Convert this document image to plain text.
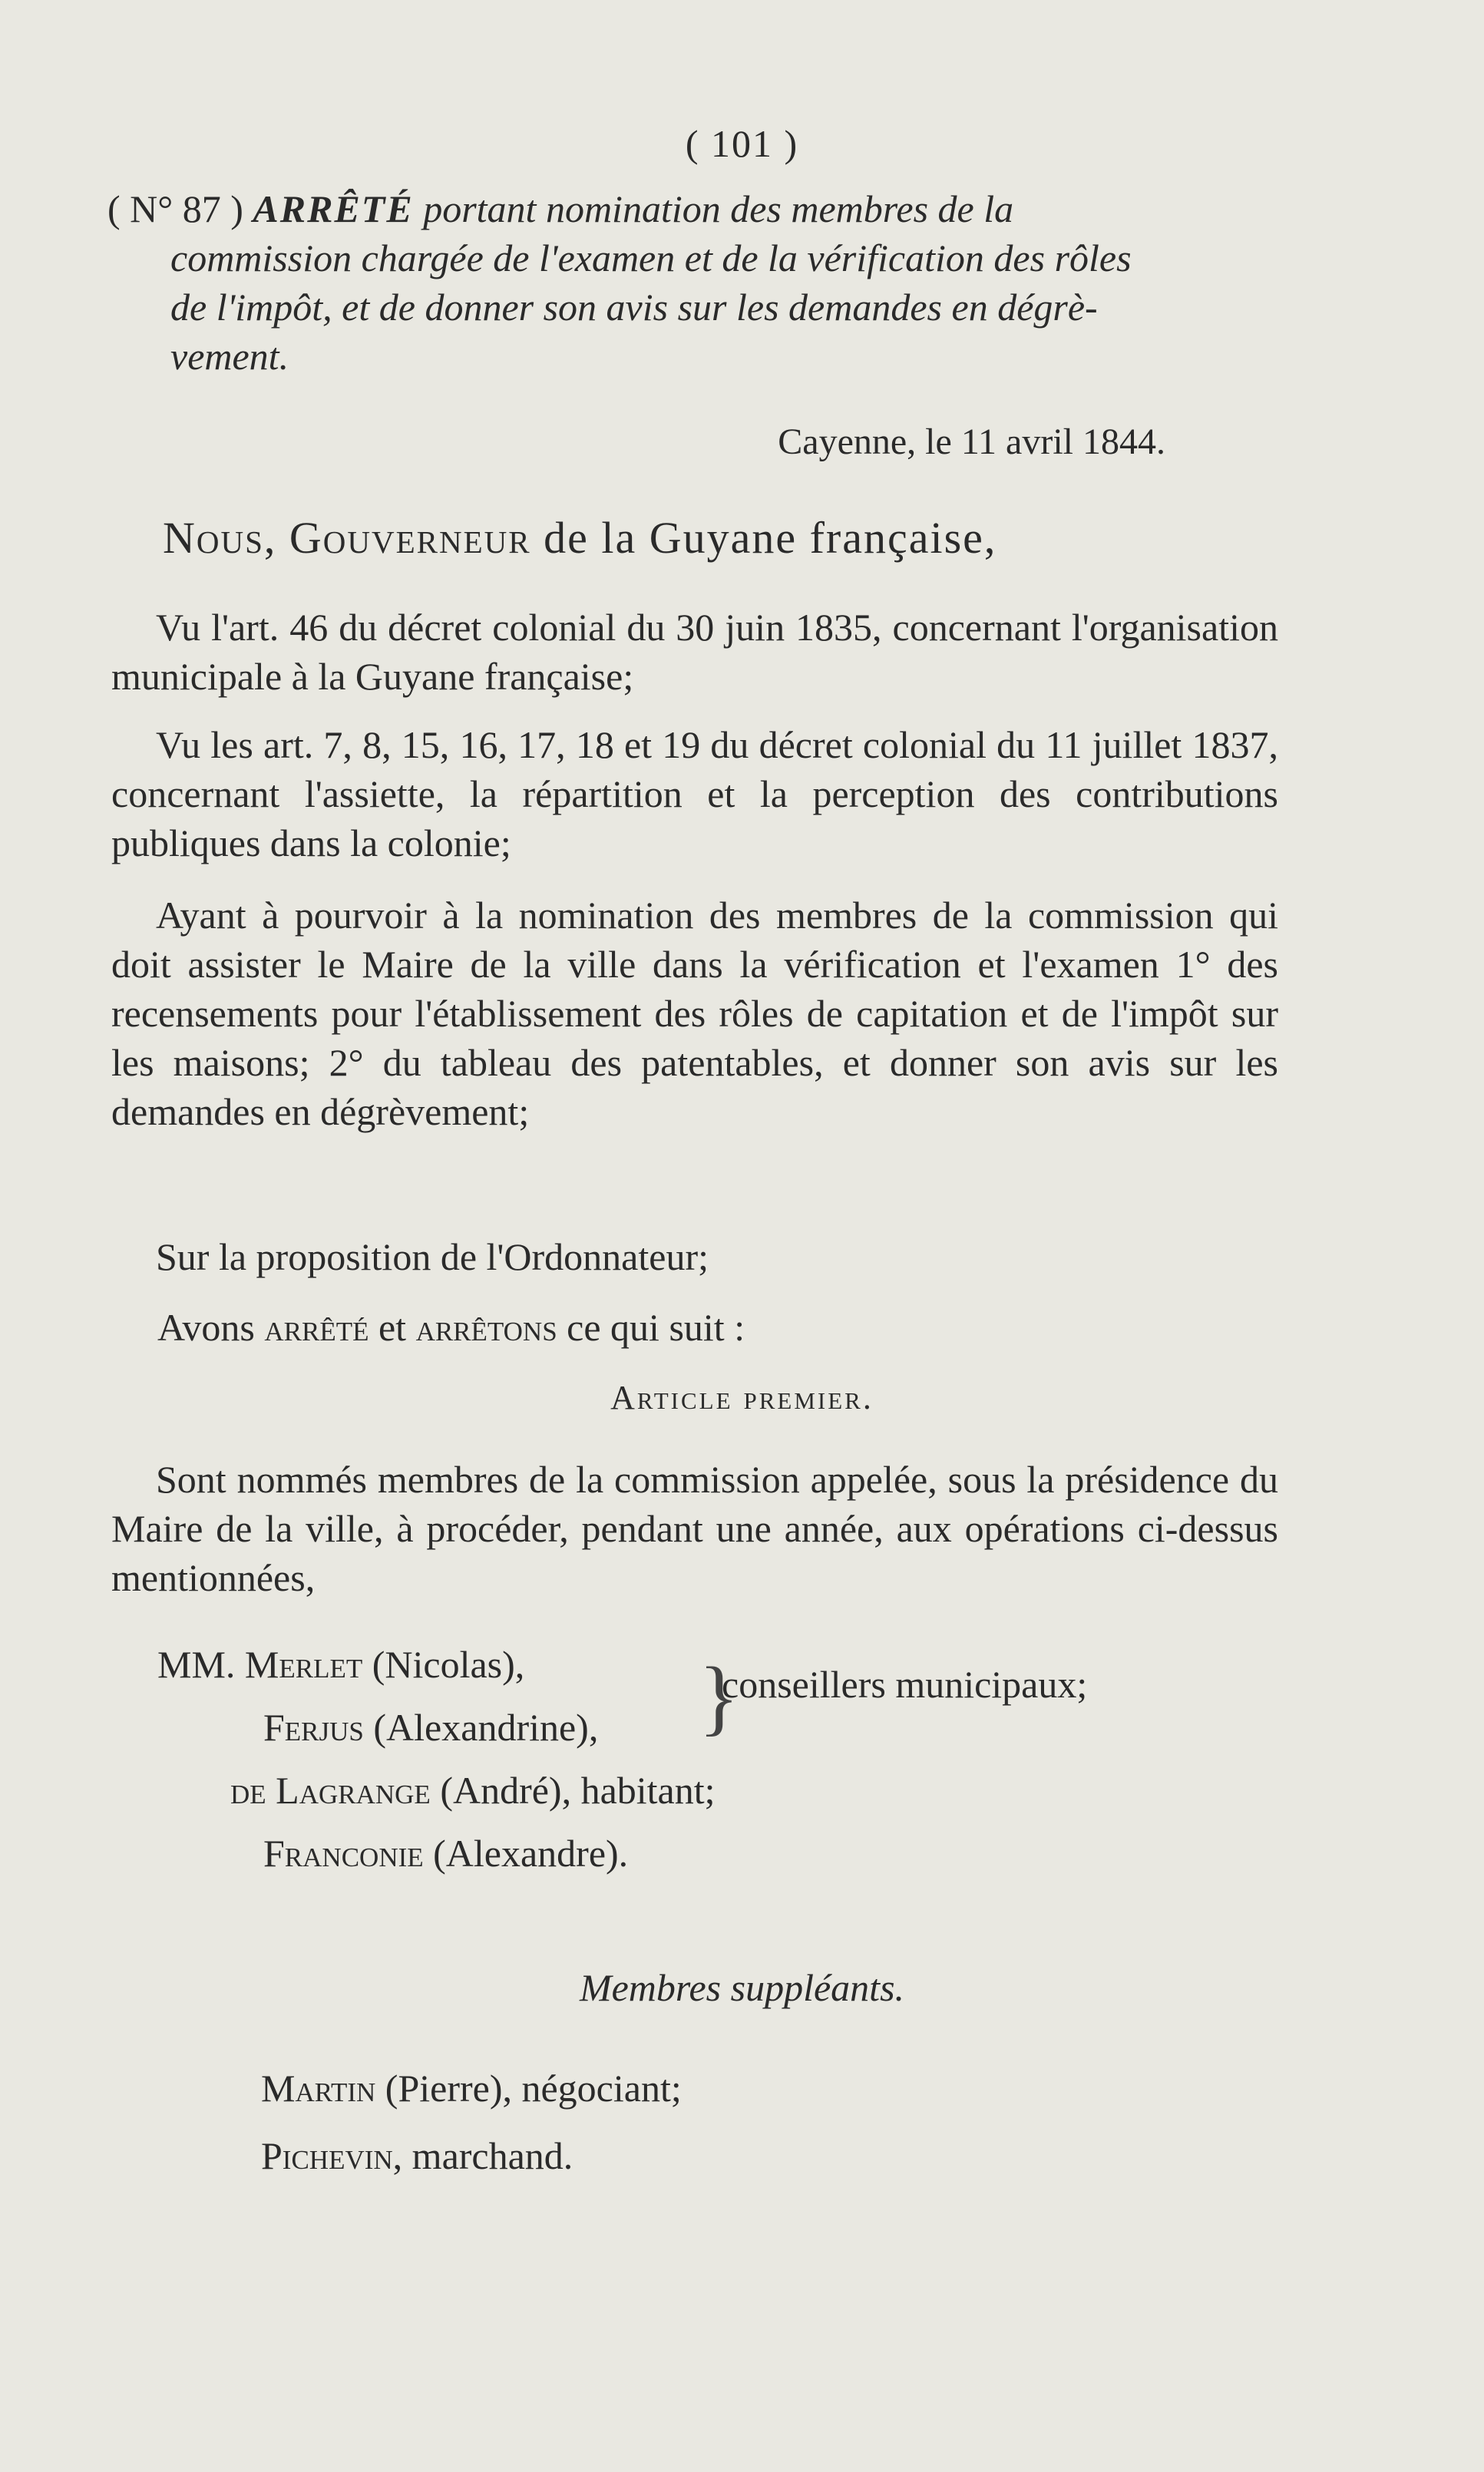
( 101 )
( N° 87 ) ARRÊTÉ portant nomination des membres de la
commission chargée de l'examen et de la vérification des rôles
de l'impôt, et de donner son avis sur les demandes en dégrè-
vement.
Cayenne, le 11 avril 1844.
Nous, Gouverneur de la Guyane française,
Vu l'art. 46 du décret colonial du 30 juin 1835, concernant l'organisation municipale à la Guyane française;
Vu les art. 7, 8, 15, 16, 17, 18 et 19 du décret colonial du 11 juillet 1837, concernant l'assiette, la répartition et la perception des contributions publiques dans la colonie;
Ayant à pourvoir à la nomination des membres de la commission qui doit assister le Maire de la ville dans la vérification et l'examen 1° des recensements pour l'établissement des rôles de capitation et de l'impôt sur les maisons; 2° du tableau des patentables, et donner son avis sur les demandes en dégrèvement;
Sur la proposition de l'Ordonnateur;
Avons arrêté et arrêtons ce qui suit :
Article premier.
Sont nommés membres de la commission appelée, sous la présidence du Maire de la ville, à procéder, pendant une année, aux opérations ci-dessus mentionnées,
MM. Merlet (Nicolas),
Ferjus (Alexandrine),
de Lagrange (André), habitant;
Franconie (Alexandre).
}
conseillers municipaux;
Membres suppléants.
Martin (Pierre), négociant;
Pichevin, marchand.
